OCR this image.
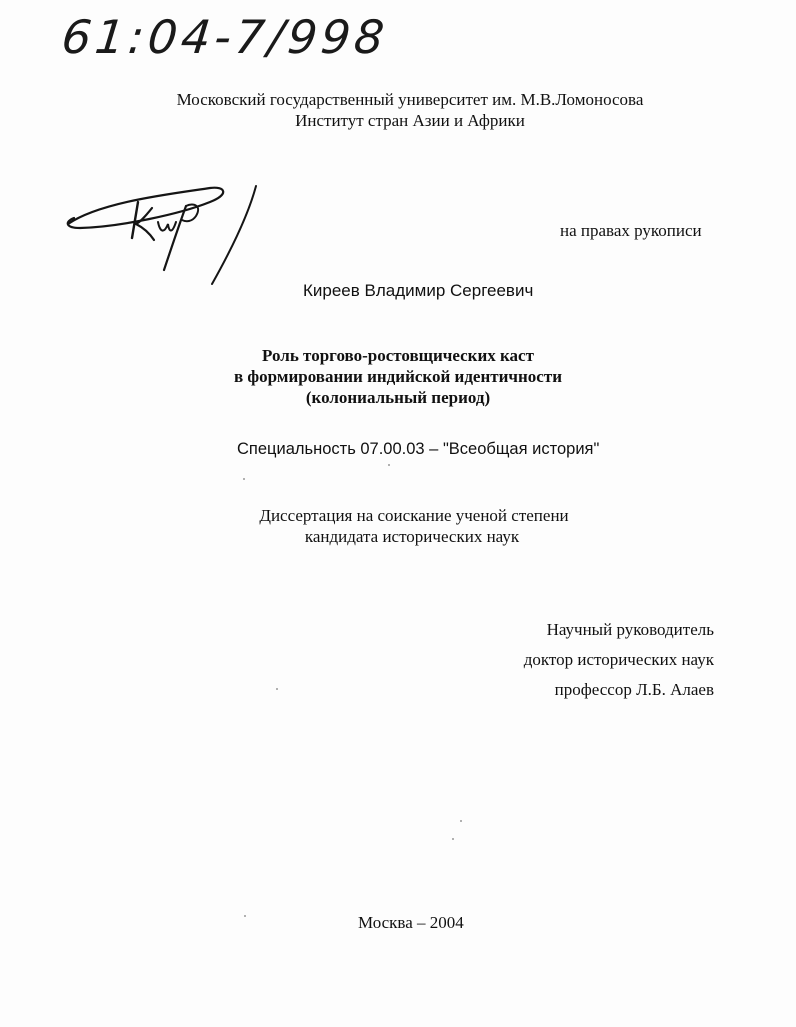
61:04-7/998
Московский государственный университет им. М.В.Ломоносова
Институт стран Азии и Африки
на правах рукописи
Киреев Владимир Сергеевич
Роль торгово-ростовщических каст
в формировании индийской идентичности
(колониальный период)
Специальность 07.00.03 – "Всеобщая история"
Диссертация на соискание ученой степени
кандидата исторических наук
Научный руководитель
доктор исторических наук
профессор Л.Б. Алаев
Москва – 2004
